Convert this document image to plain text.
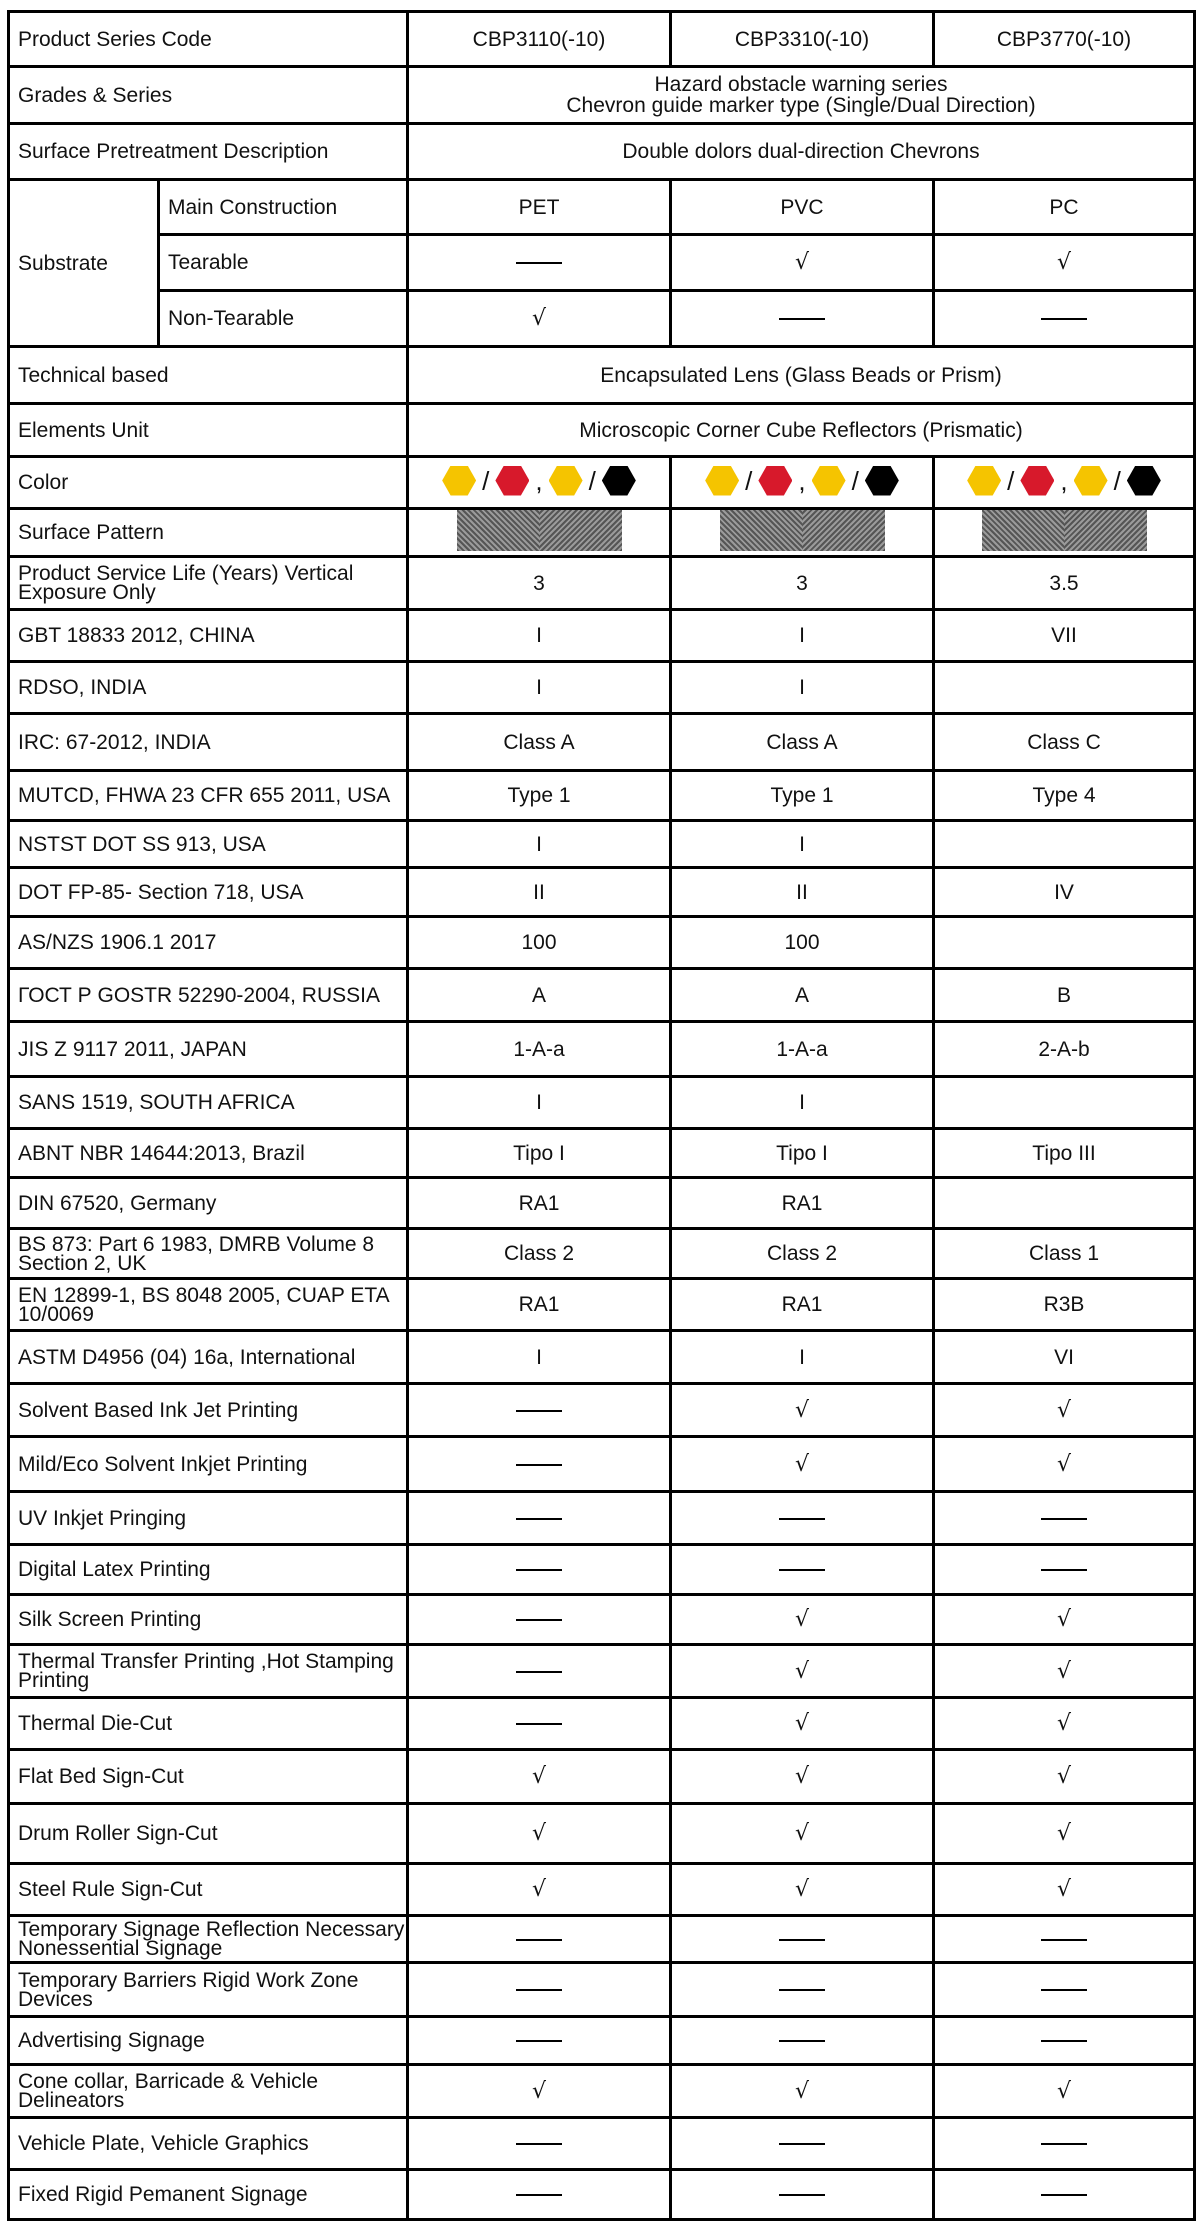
Product Series Code		CBP3110(-10)	CBP3310(-10)	CBP3770(-10)
Grades & Series		Hazard obstacle warning series
Chevron guide marker type (Single/Dual Direction)		

Surface Pretreatment Description		Double dolors dual-direction Chevrons		
Substrate	Main Construction	PET	PVC	PC
	Tearable		√	√
	Non-Tearable	√		
Technical based		Encapsulated Lens (Glass Beads or Prism)		
Elements Unit		Microscopic Corner Cube Reflectors (Prismatic)		
Color		/ , /	/ , /	/ , /

Surface Pattern				
Product Service Life (Years) Vertical Exposure Only		3	3	3.5
GBT 18833 2012, CHINA		I	I	VII
RDSO, INDIA		I	I	
IRC: 67-2012, INDIA		Class A	Class A	Class C
MUTCD, FHWA 23 CFR 655 2011, USA		Type 1	Type 1	Type 4
NSTST DOT SS 913, USA		I	I	
DOT FP-85- Section 718, USA		II	II	IV
AS/NZS 1906.1 2017		100	100	
ГОСТ Р GOSTR 52290-2004, RUSSIA		A	A	B
JIS Z 9117 2011, JAPAN		1-A-a	1-A-a	2-A-b
SANS 1519, SOUTH AFRICA		I	I	
ABNT NBR 14644:2013, Brazil		Tipo I	Tipo I	Tipo III
DIN 67520, Germany		RA1	RA1	
BS 873: Part 6 1983, DMRB Volume 8 Section 2, UK		Class 2	Class 2	Class 1
EN 12899-1, BS 8048 2005, CUAP ETA 10/0069		RA1	RA1	R3B
ASTM D4956 (04) 16a, International		I	I	VI
Solvent Based Ink Jet Printing			√	√
Mild/Eco Solvent Inkjet Printing			√	√
UV Inkjet Pringing				
Digital Latex Printing				
Silk Screen Printing			√	√
Thermal Transfer Printing ,Hot Stamping Printing			√	√
Thermal Die-Cut			√	√
Flat Bed Sign-Cut		√	√	√
Drum Roller Sign-Cut		√	√	√
Steel Rule Sign-Cut		√	√	√
Temporary Signage Reflection Necessary Nonessential Signage				
Temporary Barriers Rigid Work Zone Devices				
Advertising Signage				
Cone collar, Barricade & Vehicle Delineators		√	√	√
Vehicle Plate, Vehicle Graphics				
Fixed Rigid Pemanent Signage				
